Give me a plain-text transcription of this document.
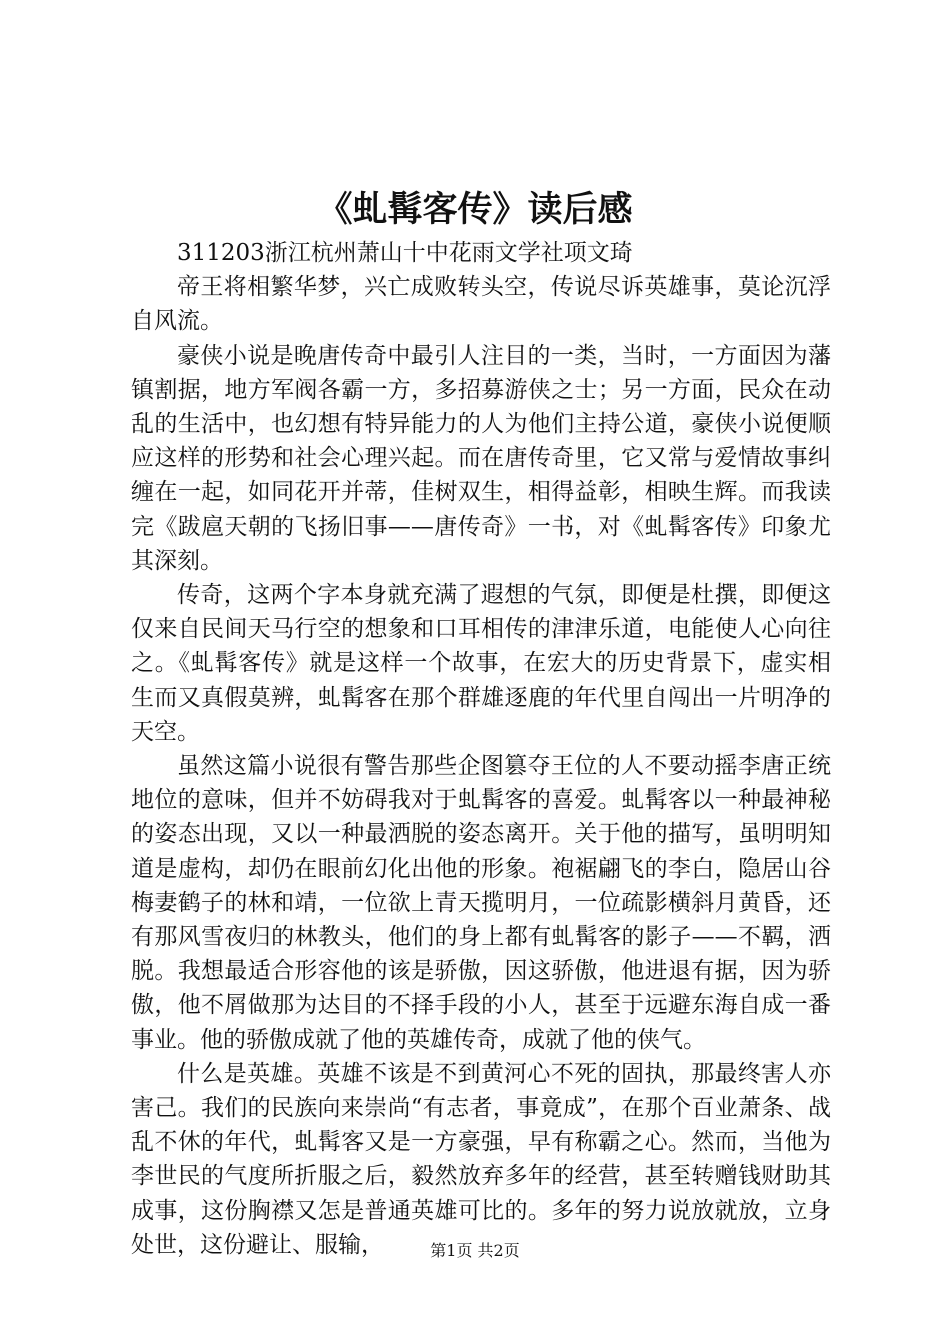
《虬髯客传》读后感

311203浙江杭州萧山十中花雨文学社项文琦

帝王将相繁华梦，兴亡成败转头空，传说尽诉英雄事，莫论沉浮自风流。

豪侠小说是晚唐传奇中最引人注目的一类，当时，一方面因为藩镇割据，地方军阀各霸一方，多招募游侠之士；另一方面，民众在动乱的生活中，也幻想有特异能力的人为他们主持公道，豪侠小说便顺应这样的形势和社会心理兴起。而在唐传奇里，它又常与爱情故事纠缠在一起，如同花开并蒂，佳树双生，相得益彰，相映生辉。而我读完《跋扈天朝的飞扬旧事——唐传奇》一书，对《虬髯客传》印象尤其深刻。

传奇，这两个字本身就充满了遐想的气氛，即便是杜撰，即便这仅来自民间天马行空的想象和口耳相传的津津乐道，电能使人心向往之。《虬髯客传》就是这样一个故事，在宏大的历史背景下，虚实相生而又真假莫辨，虬髯客在那个群雄逐鹿的年代里自闯出一片明净的天空。

虽然这篇小说很有警告那些企图篡夺王位的人不要动摇李唐正统地位的意味，但并不妨碍我对于虬髯客的喜爱。虬髯客以一种最神秘的姿态出现，又以一种最洒脱的姿态离开。关于他的描写，虽明明知道是虚构，却仍在眼前幻化出他的形象。袍裾翩飞的李白，隐居山谷梅妻鹤子的林和靖，一位欲上青天揽明月，一位疏影横斜月黄昏，还有那风雪夜归的林教头，他们的身上都有虬髯客的影子——不羁，洒脱。我想最适合形容他的该是骄傲，因这骄傲，他进退有据，因为骄傲，他不屑做那为达目的不择手段的小人，甚至于远避东海自成一番事业。他的骄傲成就了他的英雄传奇，成就了他的侠气。

什么是英雄。英雄不该是不到黄河心不死的固执，那最终害人亦害己。我们的民族向来崇尚“有志者，事竟成”，在那个百业萧条、战乱不休的年代，虬髯客又是一方豪强，早有称霸之心。然而，当他为李世民的气度所折服之后，毅然放弃多年的经营，甚至转赠钱财助其成事，这份胸襟又怎是普通英雄可比的。多年的努力说放就放，立身处世，这份避让、服输，	第1页 共2页
